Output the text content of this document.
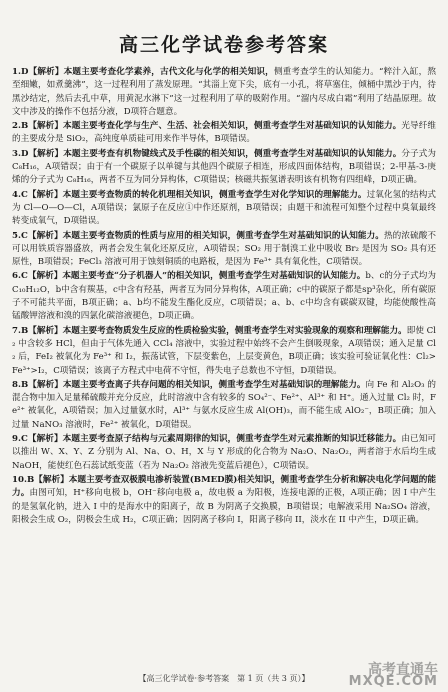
高三化学试卷参考答案
1.D【解析】本题主要考查化学素养，古代文化与化学的相关知识，侧重考查学生的认知能力。“粹汁入缸，熬至细嫩，如煮羹沸”，这一过程利用了蒸发原理。“其淄上宽下尖，底有一小孔，将草塞住，倾桶中黑沙于内，待黑沙结定，然后去孔中草，用黄泥水淋下”这一过程利用了草的吸附作用。“溜内尽成白霜”利用了结晶原理。故文中涉及的操作不包括分液，D项符合题意。
2.B【解析】本题主要考查化学与生产、生活、社会相关知识，侧重考查学生对基础知识的认知能力。光导纤维的主要成分是 SiO₂，高纯度单质硅可用来作半导体，B项错误。
3.D【解析】本题主要考查有机物键线式及手性碳的相关知识，侧重考查学生对基础知识的认知能力。分子式为 C₈H₁₆，A项错误；由于有一个碳原子以单键与其他四个碳原子相连，形成四面体结构，B项错误；2-甲基-3-庚烯的分子式为 C₈H₁₆，两者不互为同分异构体，C项错误；核磁共振氢谱表明该有机物有四组峰，D项正确。
4.C【解析】本题主要考查物质的转化机理相关知识，侧重考查学生对化学知识的理解能力。过氧化氢的结构式为 Cl—O—O—Cl，A项错误；氯原子在反应①中作还原剂，B项错误；由题干和流程可知整个过程中臭氧最终转变成氧气，D项错误。
5.C【解析】本题主要考查物质的性质与应用的相关知识，侧重考查学生对基础知识的认知能力。热的浓硫酸不可以用铁质容器盛放，两者会发生氧化还原反应，A项错误；SO₂ 用于制溴工业中吸收 Br₂ 是因为 SO₂ 具有还原性，B项错误；FeCl₃ 溶液可用于蚀刻铜质的电路板，是因为 Fe³⁺ 具有氧化性，C项错误。
6.C【解析】本题主要考查“分子机器人”的相关知识，侧重考查学生对基础知识的认知能力。b、c的分子式均为 C₁₀H₁₂O，b中含有羰基，c中含有羟基，两者互为同分异构体，A项正确；c中的碳原子都是sp³杂化，所有碳原子不可能共平面，B项正确；a、b均不能发生酯化反应，C项错误；a、b、c中均含有碳碳双键，均能使酸性高锰酸钾溶液和溴的四氯化碳溶液褪色，D项正确。
7.B【解析】本题主要考查物质发生反应的性质检验实验，侧重考查学生对实验现象的观察和理解能力。即使 Cl₂ 中含较多 HCl，但由于气体先通入 CCl₄ 溶液中，实验过程中始终不会产生倒吸现象，A项错误；通入足量 Cl₂ 后，FeI₂ 被氧化为 Fe³⁺ 和 I₂，振荡试管，下层变紫色，上层变黄色，B项正确；该实验可验证氧化性：Cl₂>Fe³⁺>I₂，C项错误；该离子方程式中电荷不守恒，得失电子总数也不守恒，D项错误。
8.B【解析】本题主要考查离子共存问题的相关知识，侧重考查学生对基础知识的理解能力。向 Fe 和 Al₂O₃ 的混合物中加入足量稀硫酸并充分反应，此时溶液中含有较多的 SO₄²⁻、Fe²⁺、Al³⁺ 和 H⁺。通入过量 Cl₂ 时，Fe²⁺ 被氧化，A项错误；加入过量氨水时，Al³⁺ 与氨水反应生成 Al(OH)₃，而不能生成 AlO₂⁻，B项正确；加入过量 NaNO₃ 溶液时，Fe²⁺ 被氧化，D项错误。
9.C【解析】本题主要考查原子结构与元素周期律的知识，侧重考查学生对元素推断的知识迁移能力。由已知可以推出 W、X、Y、Z 分别为 Al、Na、O、H，X 与 Y 形成的化合物为 Na₂O、Na₂O₂，两者溶于水后均生成 NaOH，能使红色石蕊试纸变蓝（若为 Na₂O₂ 溶液先变蓝后褪色），C项错误。
10.B【解析】本题主要考查双极膜电渗析装置(BMED膜)相关知识，侧重考查学生分析和解决电化学问题的能力。由图可知，H⁺移向电极 b，OH⁻移向电极 a，故电极 a 为阳极，连接电源的正极，A项正确；因 I 中产生的是氢氧化钠，进入 I 中的是海水中的阳离子，故 B 为阴离子交换膜，B项错误；电解液采用 Na₂SO₄ 溶液，阳极会生成 O₂，阴极会生成 H₂，C项正确；因阴离子移向 I，阳离子移向 II，淡水在 II 中产生，D项正确。
【高三化学试卷·参考答案　第 1 页（共 3 页）】
高考直通车
MXQE.COM
